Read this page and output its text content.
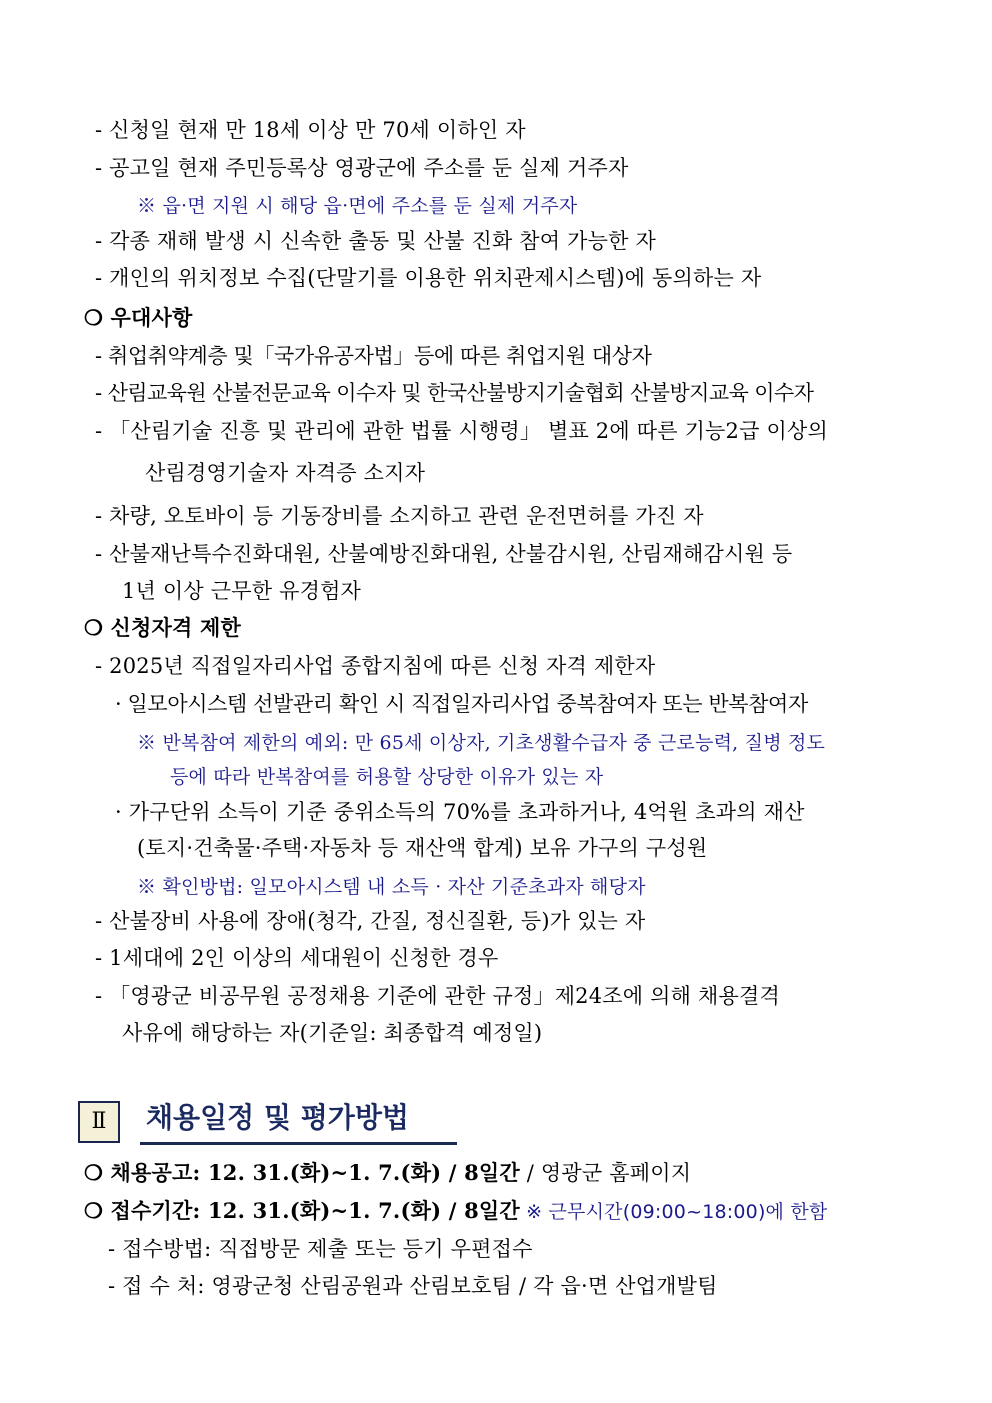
- 신청일 현재 만 18세 이상 만 70세 이하인 자
- 공고일 현재 주민등록상 영광군에 주소를 둔 실제 거주자
※ 읍·면 지원 시 해당 읍·면에 주소를 둔 실제 거주자
- 각종 재해 발생 시 신속한 출동 및 산불 진화 참여 가능한 자
- 개인의 위치정보 수집(단말기를 이용한 위치관제시스템)에 동의하는 자
❍ 우대사항
- 취업취약계층 및「국가유공자법」등에 따른 취업지원 대상자
- 산림교육원 산불전문교육 이수자 및 한국산불방지기술협회 산불방지교육 이수자
- 「산림기술 진흥 및 관리에 관한 법률 시행령」 별표 2에 따른 기능2급 이상의
산림경영기술자 자격증 소지자
- 차량, 오토바이 등 기동장비를 소지하고 관련 운전면허를 가진 자
- 산불재난특수진화대원, 산불예방진화대원, 산불감시원, 산림재해감시원 등
1년 이상 근무한 유경험자
❍ 신청자격 제한
- 2025년 직접일자리사업 종합지침에 따른 신청 자격 제한자
· 일모아시스템 선발관리 확인 시 직접일자리사업 중복참여자 또는 반복참여자
※ 반복참여 제한의 예외: 만 65세 이상자, 기초생활수급자 중 근로능력, 질병 정도
등에 따라 반복참여를 허용할 상당한 이유가 있는 자
· 가구단위 소득이 기준 중위소득의 70%를 초과하거나, 4억원 초과의 재산
(토지·건축물·주택·자동차 등 재산액 합계) 보유 가구의 구성원
※ 확인방법: 일모아시스템 내 소득 · 자산 기준초과자 해당자
- 산불장비 사용에 장애(청각, 간질, 정신질환, 등)가 있는 자
- 1세대에 2인 이상의 세대원이 신청한 경우
- 「영광군 비공무원 공정채용 기준에 관한 규정」제24조에 의해 채용결격
사유에 해당하는 자(기준일: 최종합격 예정일)
Ⅱ	채용일정 및 평가방법
❍ 채용공고: 12. 31.(화)~1. 7.(화) / 8일간 / 영광군 홈페이지
❍ 접수기간: 12. 31.(화)~1. 7.(화) / 8일간 ※ 근무시간(09:00~18:00)에 한함
- 접수방법: 직접방문 제출 또는 등기 우편접수
- 접 수 처: 영광군청 산림공원과 산림보호팀 / 각 읍·면 산업개발팀
